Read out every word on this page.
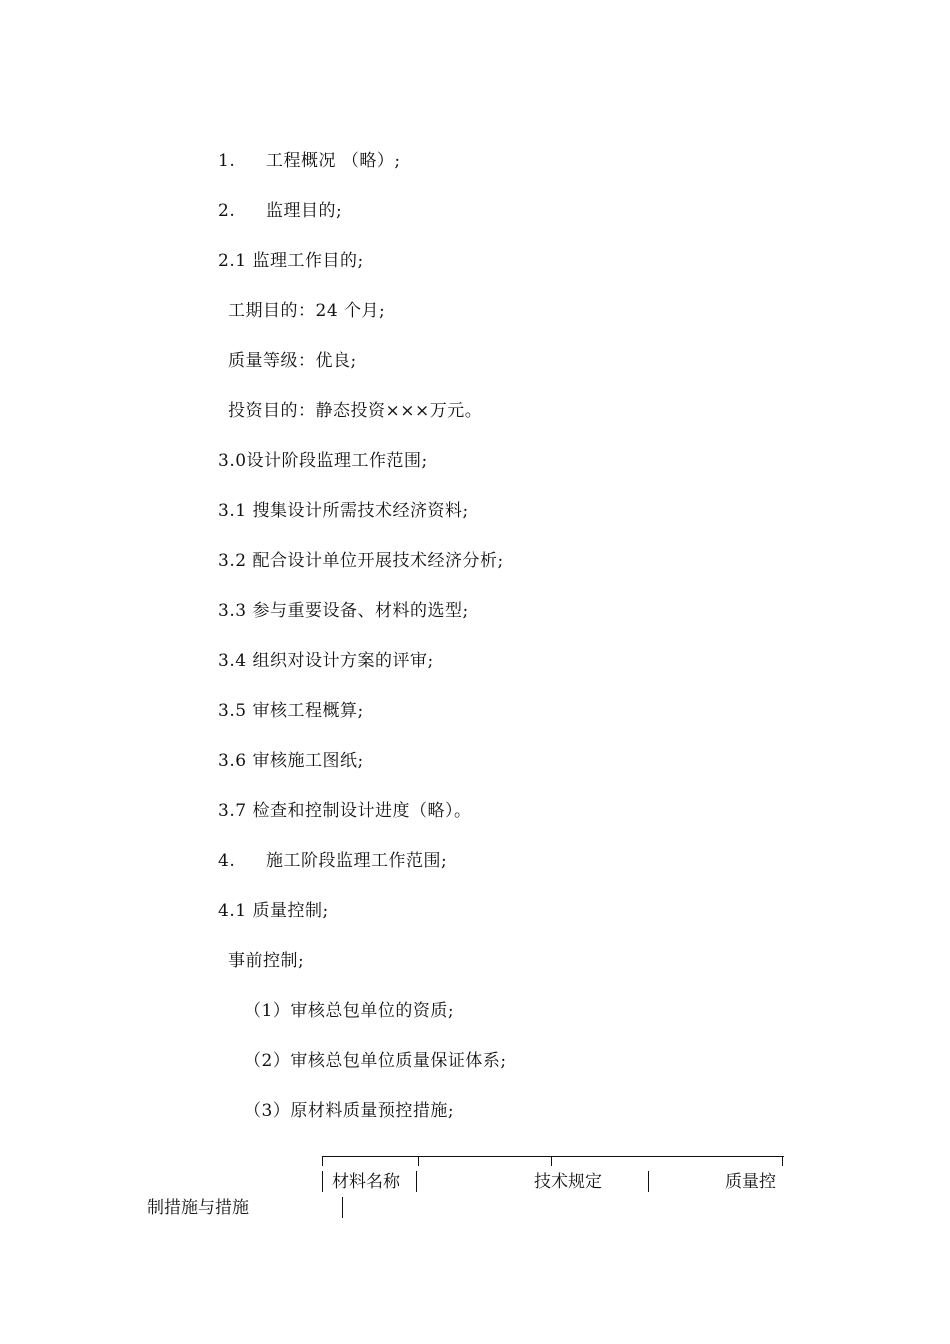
1. 工程概况 （略）;
2. 监理目的;
2.1 监理工作目的;
工期目的：24 个月;
质量等级：优良;
投资目的：静态投资×××万元。
3.0设计阶段监理工作范围;
3.1 搜集设计所需技术经济资料;
3.2 配合设计单位开展技术经济分析;
3.3 参与重要设备、材料的选型;
3.4 组织对设计方案的评审;
3.5 审核工程概算;
3.6 审核施工图纸;
3.7 检查和控制设计进度（略）。
4. 施工阶段监理工作范围;
4.1 质量控制;
事前控制;
（1）审核总包单位的资质;
（2）审核总包单位质量保证体系;
（3）原材料质量预控措施;
材料名称	技术规定	质量控
制措施与措施
